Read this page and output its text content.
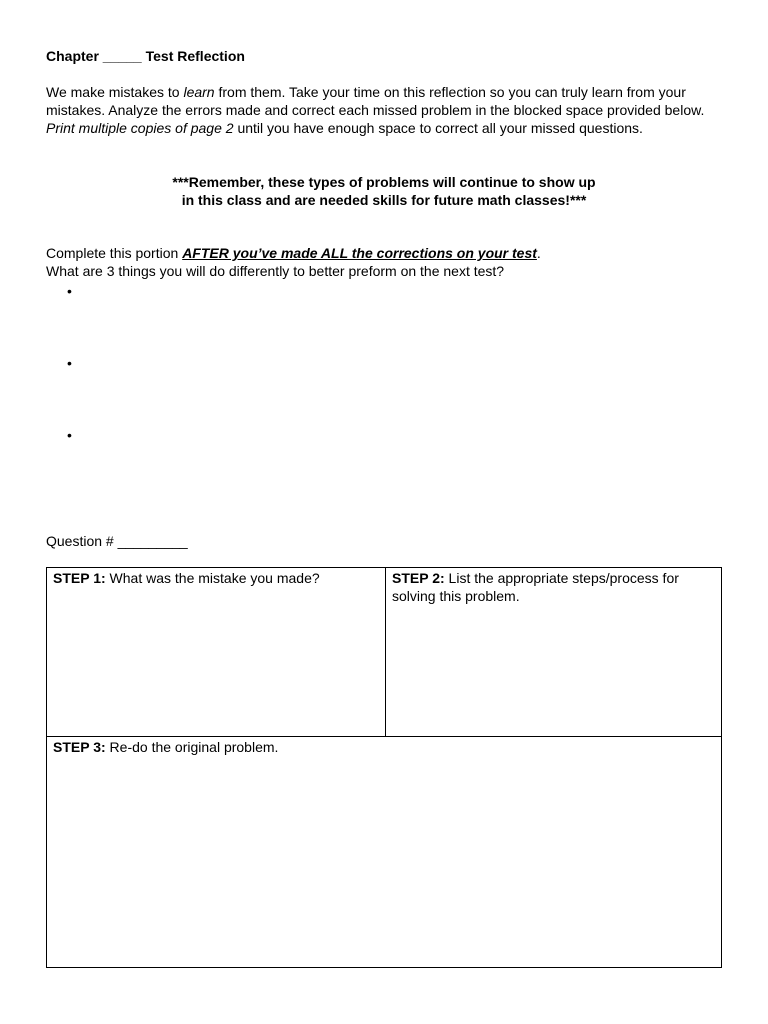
Chapter _____ Test Reflection

We make mistakes to learn from them. Take your time on this reflection so you can truly learn from your mistakes. Analyze the errors made and correct each missed problem in the blocked space provided below. Print multiple copies of page 2 until you have enough space to correct all your missed questions.

***Remember, these types of problems will continue to show up
in this class and are needed skills for future math classes!***
Complete this portion AFTER you’ve made ALL the corrections on your test.
What are 3 things you will do differently to better preform on the next test?
•
•
•
Question # _________
STEP 1: What was the mistake you made?	STEP 2: List the appropriate steps/process for solving this problem.
STEP 3: Re-do the original problem.
